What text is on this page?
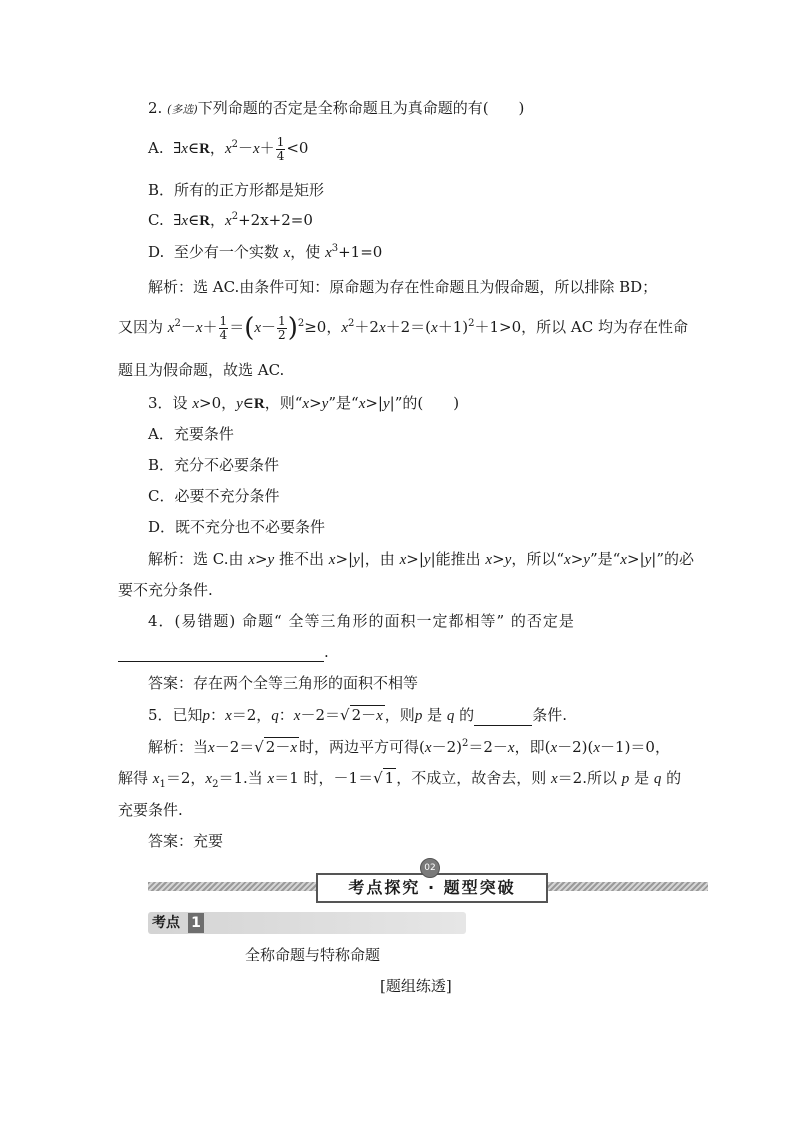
2. (多选)下列命题的否定是全称命题且为真命题的有(　　)
A. ∃x∈R，$x^2-x+ \frac{1}{4} <0$
B．所有的正方形都是矩形
C.  ∃x∈R，$x^2+2x+2=0$
D. 至少有一个实数 x，使 $x^3+1=0$
解析：选 AC.由条件可知：原命题为存在性命题且为假命题，所以排除 BD；
又因为 $x^2-x+ \frac{1}{4} =(x- \frac{1}{2} )^2\ge 0$，$x^2+2x+2=(x+1)^2+1>0$，所以 AC 均为存在性命
题且为假命题，故选 AC.
3．设 x>0，y∈R，则“x>y”是“x>|y|”的(　　)
A．充要条件
B．充分不必要条件
C．必要不充分条件
D．既不充分也不必要条件
解析：选 C.由 x>y 推不出 x>|y|，由 x>|y|能推出 x>y，所以“x>y”是“x>|y|”的必
要不充分条件.
4．(易错题) 命题“ 全等三角形的面积一定都相等” 的否定是
.
答案：存在两个全等三角形的面积不相等
5．已知p：x＝2，q：x－2＝√ 2－x ，则p 是 q 的	条件.
解析：当x－2＝√ 2－x 时，两边平方可得$(x-2)^2=2-x$，即(x－2)(x－1)＝0，
解得 $x_1=2$，$x_2=1$.当 x＝1 时，－1＝√ 1 ，不成立，故舍去，则 x＝2.所以 p 是 q 的
充要条件.
答案：充要
考点探究 · 题型突破
02
考点 1
全称命题与特称命题
[题组练透]
